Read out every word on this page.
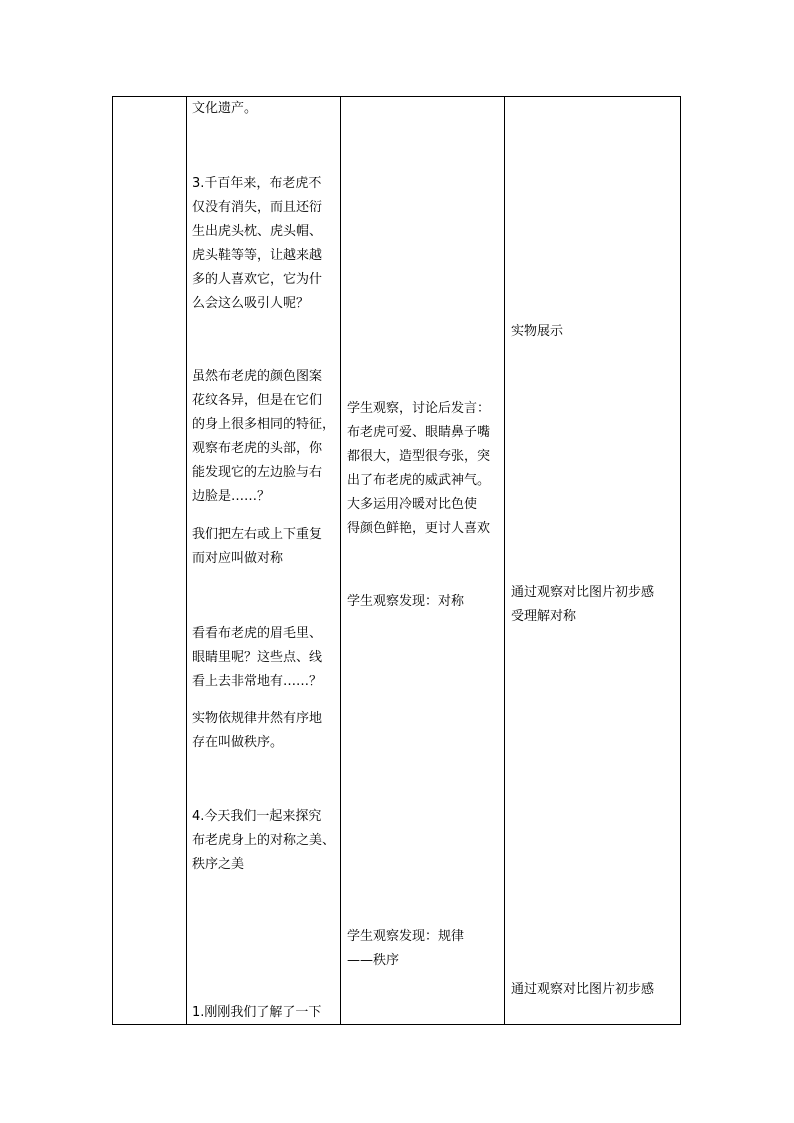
文化遗产。
3.千百年来，布老虎不
仅没有消失，而且还衍
生出虎头枕、虎头帽、
虎头鞋等等，让越来越
多的人喜欢它，它为什
么会这么吸引人呢？
虽然布老虎的颜色图案
花纹各异，但是在它们
的身上很多相同的特征，
观察布老虎的头部，你
能发现它的左边脸与右
边脸是……？
我们把左右或上下重复
而对应叫做对称
看看布老虎的眉毛里、
眼睛里呢？这些点、线
看上去非常地有……？
实物依规律井然有序地
存在叫做秩序。
4.今天我们一起来探究
布老虎身上的对称之美、
秩序之美
1.刚刚我们了解了一下
学生观察，讨论后发言：
布老虎可爱、眼睛鼻子嘴
都很大，造型很夸张，突
出了布老虎的威武神气。
大多运用冷暖对比色使
得颜色鲜艳，更讨人喜欢
学生观察发现：对称
学生观察发现：规律
——秩序
实物展示
通过观察对比图片初步感
受理解对称
通过观察对比图片初步感
